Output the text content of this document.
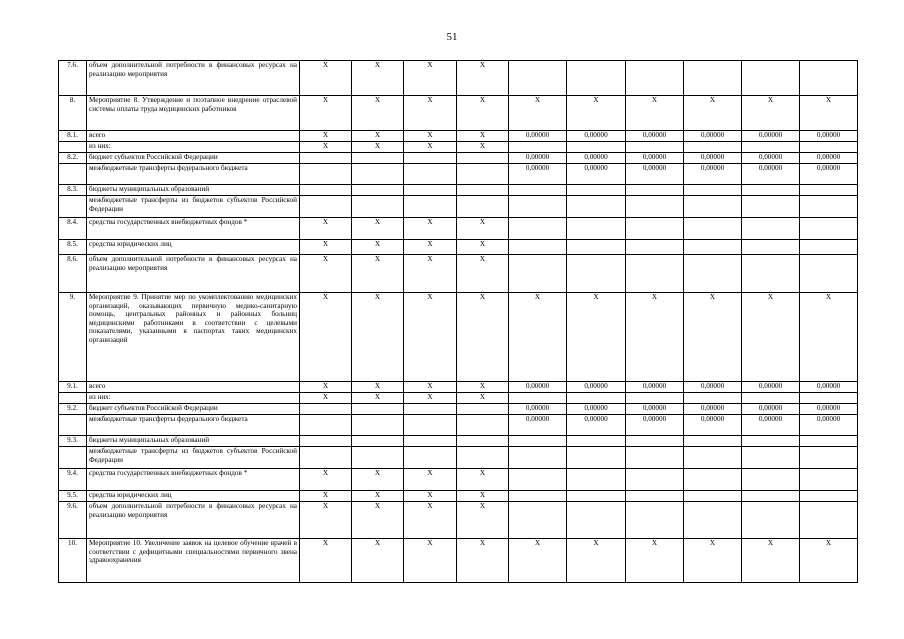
51
7.6.	объем дополнительной потребности в финансовых ресурсах на реализацию мероприятия	X	X	X	X						
8.	Мероприятие 8. Утверждение и поэтапное внедрение отраслевой системы оплаты труда медицинских работников	X	X	X	X	X	X	X	X	X	X
8.1.	всего	X	X	X	X	0,00000	0,00000	0,00000	0,00000	0,00000	0,00000
	из них:	X	X	X	X						
8.2.	бюджет субъектов Российской Федерации					0,00000	0,00000	0,00000	0,00000	0,00000	0,00000
	межбюджетные трансферты федерального бюджета					0,00000	0,00000	0,00000	0,00000	0,00000	0,00000
8.3.	бюджеты муниципальных образований										
	межбюджетные трансферты из бюджетов субъектов Российской Федерации										
8.4.	средства государственных внебюджетных фондов *	X	X	X	X						
8.5.	средства юридических лиц	X	X	X	X						
8.6.	объем дополнительной потребности в финансовых ресурсах на реализацию мероприятия	X	X	X	X						
9.	Мероприятие 9. Принятие мер по укомплектованию медицинских организаций, оказывающих первичную медико-санитарную помощь, центральных районных и районных больниц медицинскими работниками в соответствии с целевыми показателями, указанными в паспортах таких медицинских организаций	X	X	X	X	X	X	X	X	X	X
9.1.	всего	X	X	X	X	0,00000	0,00000	0,00000	0,00000	0,00000	0,00000
	из них:	X	X	X	X						
9.2.	бюджет субъектов Российской Федерации					0,00000	0,00000	0,00000	0,00000	0,00000	0,00000
	межбюджетные трансферты федерального бюджета					0,00000	0,00000	0,00000	0,00000	0,00000	0,00000
9.3.	бюджеты муниципальных образований										
	межбюджетные трансферты из бюджетов субъектов Российской Федерации										
9.4.	средства государственных внебюджетных фондов *	X	X	X	X						
9.5.	средства юридических лиц	X	X	X	X						
9.6.	объем дополнительной потребности в финансовых ресурсах на реализацию мероприятия	X	X	X	X						
10.	Мероприятие 10. Увеличение заявок на целевое обучение врачей в соответствии с дефицитными специальностями первичного звена здравоохранения	X	X	X	X	X	X	X	X	X	X
